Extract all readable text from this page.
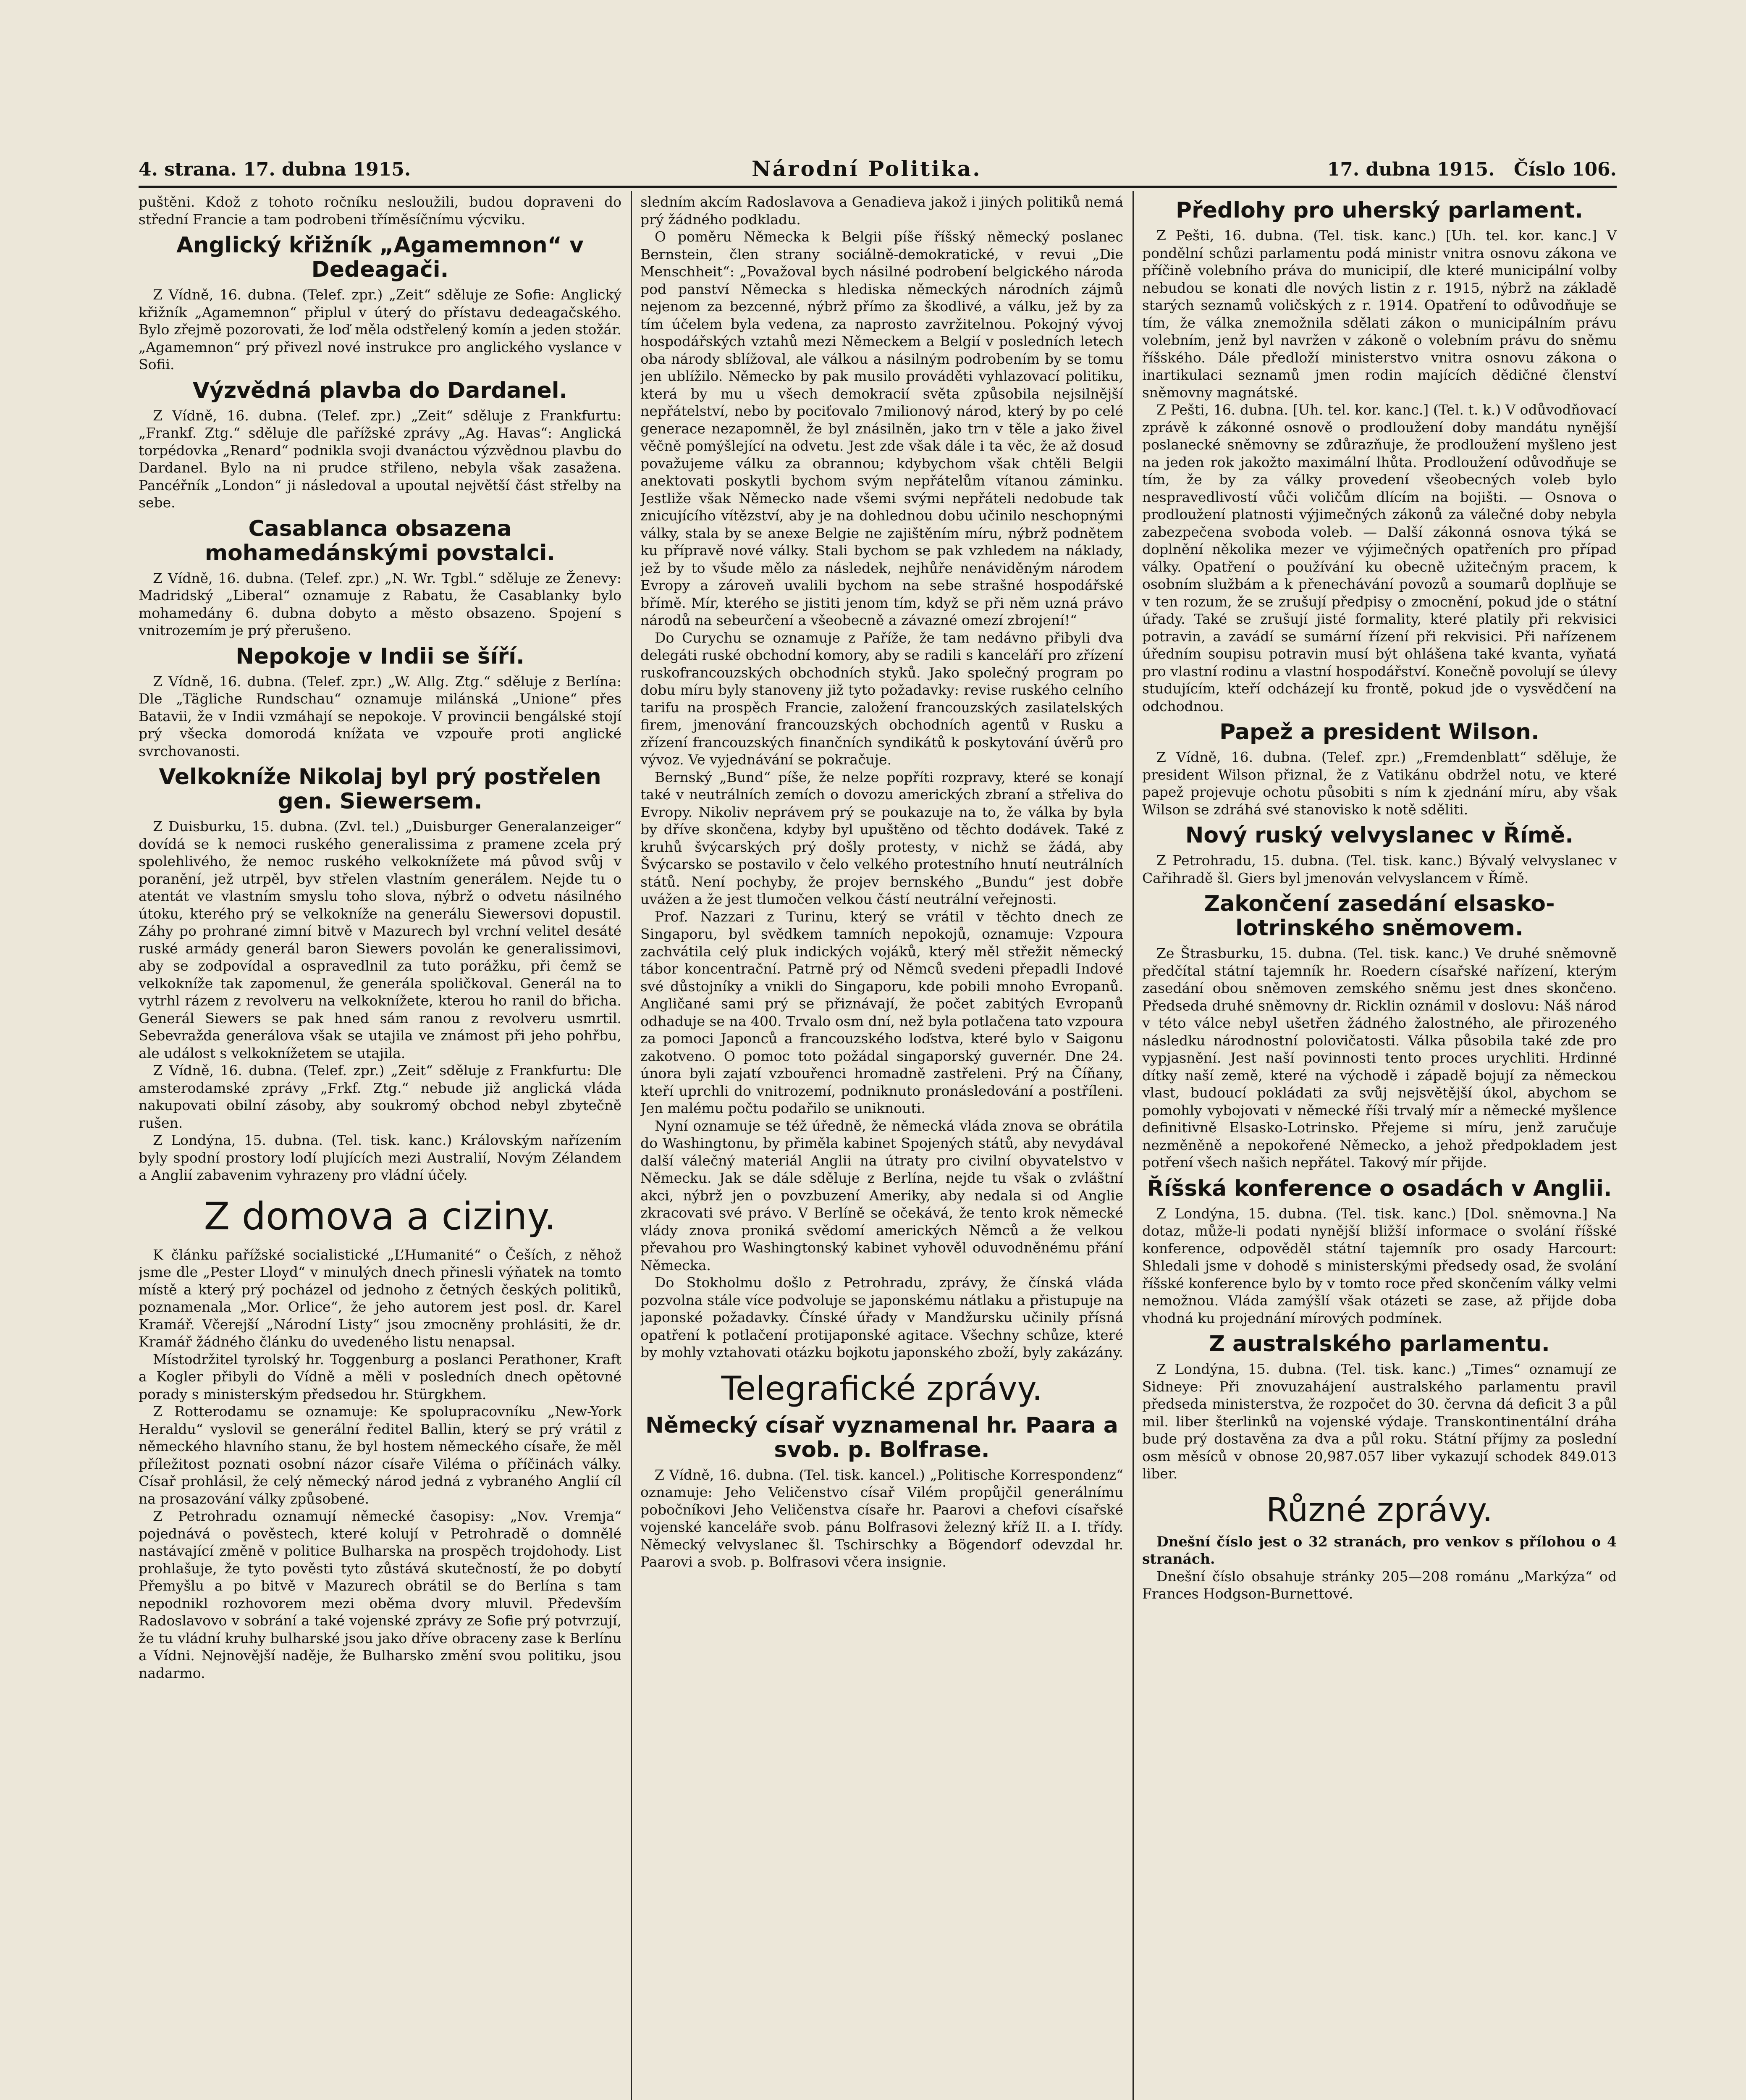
4. strana. 17. dubna 1915.	Národní Politika.	17. dubna 1915. Číslo 106.

puštěni. Kdož z tohoto ročníku nesloužili, budou dopraveni do střední Francie a tam podrobeni tříměsíčnímu výcviku.

Anglický křižník „Agamemnon“ v Dedeagači.

Z Vídně, 16. dubna. (Telef. zpr.) „Zeit“ sděluje ze Sofie: Anglický křižník „Agamemnon“ připlul v úterý do přístavu dedeagačského. Bylo zřejmě pozorovati, že loď měla odstřelený komín a jeden stožár. „Agamemnon“ prý přivezl nové instrukce pro anglického vyslance v Sofii.

Výzvědná plavba do Dardanel.

Z Vídně, 16. dubna. (Telef. zpr.) „Zeit“ sděluje z Frankfurtu: „Frankf. Ztg.“ sděluje dle pařížské zprávy „Ag. Havas“: Anglická torpédovka „Renard“ podnikla svoji dvanáctou výzvědnou plavbu do Dardanel. Bylo na ni prudce střileno, nebyla však zasažena. Pancéřník „London“ ji následoval a upoutal největší část střelby na sebe.

Casablanca obsazena mohamedánskými povstalci.

Z Vídně, 16. dubna. (Telef. zpr.) „N. Wr. Tgbl.“ sděluje ze Ženevy: Madridský „Liberal“ oznamuje z Rabatu, že Casablanky bylo mohamedány 6. dubna dobyto a město obsazeno. Spojení s vnitrozemím je prý přerušeno.

Nepokoje v Indii se šíří.

Z Vídně, 16. dubna. (Telef. zpr.) „W. Allg. Ztg.“ sděluje z Berlína: Dle „Tägliche Rundschau“ oznamuje milánská „Unione“ přes Batavii, že v Indii vzmáhají se nepokoje. V provincii bengálské stojí prý všecka domorodá knížata ve vzpouře proti anglické svrchovanosti.

Velkokníže Nikolaj byl prý postřelen gen. Siewersem.

Z Duisburku, 15. dubna. (Zvl. tel.) „Duisburger Generalanzeiger“ dovídá se k nemoci ruského generalissima z pramene zcela prý spolehlivého, že nemoc ruského velkoknížete má původ svůj v poranění, jež utrpěl, byv střelen vlastním generálem. Nejde tu o atentát ve vlastním smyslu toho slova, nýbrž o odvetu násilného útoku, kterého prý se velkokníže na generálu Siewersovi dopustil. Záhy po prohrané zimní bitvě v Mazurech byl vrchní velitel desáté ruské armády generál baron Siewers povolán ke generalissimovi, aby se zodpovídal a ospravedlnil za tuto porážku, při čemž se velkokníže tak zapomenul, že generála spoličkoval. Generál na to vytrhl rázem z revolveru na velkoknížete, kterou ho ranil do břicha. Generál Siewers se pak hned sám ranou z revolveru usmrtil. Sebevražda generálova však se utajila ve známost při jeho pohřbu, ale událost s velkoknížetem se utajila.

Z Vídně, 16. dubna. (Telef. zpr.) „Zeit“ sděluje z Frankfurtu: Dle amsterodamské zprávy „Frkf. Ztg.“ nebude již anglická vláda nakupovati obilní zásoby, aby soukromý obchod nebyl zbytečně rušen.

Z Londýna, 15. dubna. (Tel. tisk. kanc.) Královským nařízením byly spodní prostory lodí plujících mezi Australií, Novým Zélandem a Anglií zabavenim vyhrazeny pro vládní účely.

Z domova a ciziny.

K článku pařížské socialistické „L’Humanité“ o Češích, z něhož jsme dle „Pester Lloyd“ v minulých dnech přinesli výňatek na tomto místě a který prý pocházel od jednoho z četných českých politiků, poznamenala „Mor. Orlice“, že jeho autorem jest posl. dr. Karel Kramář. Včerejší „Národní Listy“ jsou zmocněny prohlásiti, že dr. Kramář žádného článku do uvedeného listu nenapsal.

Místodržitel tyrolský hr. Toggenburg a poslanci Perathoner, Kraft a Kogler přibyli do Vídně a měli v posledních dnech opětovné porady s ministerským předsedou hr. Stürgkhem.

Z Rotterodamu se oznamuje: Ke spolupracovníku „New-York Heraldu“ vyslovil se generální ředitel Ballin, který se prý vrátil z německého hlavního stanu, že byl hostem německého císaře, že měl příležitost poznati osobní názor císaře Viléma o příčinách války. Císař prohlásil, že celý německý národ jedná z vybraného Anglií cíl na prosazování války způsobené.

Z Petrohradu oznamují německé časopisy: „Nov. Vremja“ pojednává o pověstech, které kolují v Petrohradě o domnělé nastávající změně v politice Bulharska na prospěch trojdohody. List prohlašuje, že tyto pověsti tyto zůstává skutečností, že po dobytí Přemyšlu a po bitvě v Mazurech obrátil se do Berlína s tam nepodnikl rozhovorem mezi oběma dvory mluvil. Především Radoslavovo v sobrání a také vojenské zprávy ze Sofie prý potvrzují, že tu vládní kruhy bulharské jsou jako dříve obraceny zase k Berlínu a Vídni. Nejnovější naděje, že Bulharsko změní svou politiku, jsou nadarmo.

sledním akcím Radoslavova a Genadieva jakož i jiných politiků nemá prý žádného podkladu.

O poměru Německa k Belgii píše říšský německý poslanec Bernstein, člen strany sociálně-demokratické, v revui „Die Menschheit“: „Považoval bych násilné podrobení belgického národa pod panství Německa s hlediska německých národních zájmů nejenom za bezcenné, nýbrž přímo za škodlivé, a válku, jež by za tím účelem byla vedena, za naprosto zavržitelnou. Pokojný vývoj hospodářských vztahů mezi Německem a Belgií v posledních letech oba národy sblížoval, ale válkou a násilným podrobením by se tomu jen ublížilo. Německo by pak musilo prováděti vyhlazovací politiku, která by mu u všech demokracií světa způsobila nejsilnější nepřátelství, nebo by pociťovalo 7milionový národ, který by po celé generace nezapomněl, že byl znásilněn, jako trn v těle a jako živel věčně pomýšlející na odvetu. Jest zde však dále i ta věc, že až dosud považujeme válku za obrannou; kdybychom však chtěli Belgii anektovati poskytli bychom svým nepřátelům vítanou záminku. Jestliže však Německo nade všemi svými nepřáteli nedobude tak znicujícího vítězství, aby je na dohlednou dobu učinilo neschopnými války, stala by se anexe Belgie ne zajištěním míru, nýbrž podnětem ku přípravě nové války. Stali bychom se pak vzhledem na náklady, jež by to všude mělo za následek, nejhůře nenáviděným národem Evropy a zároveň uvalili bychom na sebe strašné hospodářské břímě. Mír, kterého se jistiti jenom tím, když se při něm uzná právo národů na sebeurčení a všeobecně a závazné omezí zbrojení!“

Do Curychu se oznamuje z Paříže, že tam nedávno přibyli dva delegáti ruské obchodní komory, aby se radili s kanceláří pro zřízení ruskofrancouzských obchodních styků. Jako společný program po dobu míru byly stanoveny již tyto požadavky: revise ruského celního tarifu na prospěch Francie, založení francouzských zasilatelských firem, jmenování francouzských obchodních agentů v Rusku a zřízení francouzských finančních syndikátů k poskytování úvěrů pro vývoz. Ve vyjednávání se pokračuje.

Bernský „Bund“ píše, že nelze popříti rozpravy, které se konají také v neutrálních zemích o dovozu amerických zbraní a střeliva do Evropy. Nikoliv neprávem prý se poukazuje na to, že válka by byla by dříve skončena, kdyby byl upuštěno od těchto dodávek. Také z kruhů švýcarských prý došly protesty, v nichž se žádá, aby Švýcarsko se postavilo v čelo velkého protestního hnutí neutrálních států. Není pochyby, že projev bernského „Bundu“ jest dobře uvážen a že jest tlumočen velkou částí neutrální veřejnosti.

Prof. Nazzari z Turinu, který se vrátil v těchto dnech ze Singaporu, byl svědkem tamních nepokojů, oznamuje: Vzpoura zachvátila celý pluk indických vojáků, který měl střežit německý tábor koncentrační. Patrně prý od Němců svedeni přepadli Indové své důstojníky a vnikli do Singaporu, kde pobili mnoho Evropanů. Angličané sami prý se přiznávají, že počet zabitých Evropanů odhaduje se na 400. Trvalo osm dní, než byla potlačena tato vzpoura za pomoci Japonců a francouzského loďstva, které bylo v Saigonu zakotveno. O pomoc toto požádal singaporský guvernér. Dne 24. února byli zajatí vzbouřenci hromadně zastřeleni. Prý na Číňany, kteří uprchli do vnitrozemí, podniknuto pronásledování a postříleni. Jen malému počtu podařilo se uniknouti.

Nyní oznamuje se též úředně, že německá vláda znova se obrátila do Washingtonu, by přiměla kabinet Spojených států, aby nevydával další válečný materiál Anglii na útraty pro civilní obyvatelstvo v Německu. Jak se dále sděluje z Berlína, nejde tu však o zvláštní akci, nýbrž jen o povzbuzení Ameriky, aby nedala si od Anglie zkracovati své právo. V Berlíně se očekává, že tento krok německé vlády znova proniká svědomí amerických Němců a že velkou převahou pro Washingtonský kabinet vyhověl oduvodněnému přání Německa.

Do Stokholmu došlo z Petrohradu, zprávy, že čínská vláda pozvolna stále více podvoluje se japonskému nátlaku a přistupuje na japonské požadavky. Čínské úřady v Mandžursku učinily přísná opatření k potlačení protijaponské agitace. Všechny schůze, které by mohly vztahovati otázku bojkotu japonského zboží, byly zakázány.

Telegrafické zprávy.
Německý císař vyznamenal hr. Paara a svob. p. Bolfrase.

Z Vídně, 16. dubna. (Tel. tisk. kancel.) „Politische Korrespondenz“ oznamuje: Jeho Veličenstvo císař Vilém propůjčil generálnímu pobočníkovi Jeho Veličenstva císaře hr. Paarovi a chefovi císařské vojenské kanceláře svob. pánu Bolfrasovi železný kříž II. a I. třídy. Německý velvyslanec šl. Tschirschky a Bögendorf odevzdal hr. Paarovi a svob. p. Bolfrasovi včera insignie.

Předlohy pro uherský parlament.

Z Pešti, 16. dubna. (Tel. tisk. kanc.) [Uh. tel. kor. kanc.] V pondělní schůzi parlamentu podá ministr vnitra osnovu zákona ve příčině volebního práva do municipií, dle které municipální volby nebudou se konati dle nových listin z r. 1915, nýbrž na základě starých seznamů voličských z r. 1914. Opatření to odůvodňuje se tím, že válka znemožnila sdělati zákon o municipálním právu volebním, jenž byl navržen v zákoně o volebním právu do sněmu říšského. Dále předloží ministerstvo vnitra osnovu zákona o inartikulaci seznamů jmen rodin majících dědičné členství sněmovny magnátské.

Z Pešti, 16. dubna. [Uh. tel. kor. kanc.] (Tel. t. k.) V odůvodňovací zprávě k zákonné osnově o prodloužení doby mandátu nynější poslanecké sněmovny se zdůrazňuje, že prodloužení myšleno jest na jeden rok jakožto maximální lhůta. Prodloužení odůvodňuje se tím, že by za války provedení všeobecných voleb bylo nespravedlivostí vůči voličům dlícím na bojišti. — Osnova o prodloužení platnosti výjimečných zákonů za válečné doby nebyla zabezpečena svoboda voleb. — Další zákonná osnova týká se doplnění několika mezer ve výjimečných opatřeních pro případ války. Opatření o používání ku obecně užitečným pracem, k osobním službám a k přenechávání povozů a soumarů doplňuje se v ten rozum, že se zrušují předpisy o zmocnění, pokud jde o státní úřady. Také se zrušují jisté formality, které platily při rekvisici potravin, a zavádí se sumární řízení při rekvisici. Při nařízenem úředním soupisu potravin musí být ohlášena také kvanta, vyňatá pro vlastní rodinu a vlastní hospodářství. Konečně povolují se úlevy studujícím, kteří odcházejí ku frontě, pokud jde o vysvědčení na odchodnou.

Papež a president Wilson.

Z Vídně, 16. dubna. (Telef. zpr.) „Fremdenblatt“ sděluje, že president Wilson přiznal, že z Vatikánu obdržel notu, ve které papež projevuje ochotu působiti s ním k zjednání míru, aby však Wilson se zdráhá své stanovisko k notě sděliti.

Nový ruský velvyslanec v Římě.

Z Petrohradu, 15. dubna. (Tel. tisk. kanc.) Bývalý velvyslanec v Cařihradě šl. Giers byl jmenován velvyslancem v Římě.

Zakončení zasedání elsasko-lotrinského sněmovem.

Ze Štrasburku, 15. dubna. (Tel. tisk. kanc.) Ve druhé sněmovně předčítal státní tajemník hr. Roedern císařské nařízení, kterým zasedání obou sněmoven zemského sněmu jest dnes skončeno. Předseda druhé sněmovny dr. Ricklin oznámil v doslovu: Náš národ v této válce nebyl ušetřen žádného žalostného, ale přirozeného následku národnostní polovičatosti. Válka působila také zde pro vypjasnění. Jest naší povinnosti tento proces urychliti. Hrdinné dítky naší země, které na východě i západě bojují za německou vlast, budoucí pokládati za svůj nejsvětější úkol, abychom se pomohly vybojovati v německé říši trvalý mír a německé myšlence definitivně Elsasko-Lotrinsko. Přejeme si míru, jenž zaručuje nezměněně a nepokořené Německo, a jehož předpokladem jest potření všech našich nepřátel. Takový mír přijde.

Říšská konference o osadách v Anglii.

Z Londýna, 15. dubna. (Tel. tisk. kanc.) [Dol. sněmovna.] Na dotaz, může-li podati nynější bližší informace o svolání říšské konference, odpověděl státní tajemník pro osady Harcourt: Shledali jsme v dohodě s ministerskými předsedy osad, že svolání říšské konference bylo by v tomto roce před skončením války velmi nemožnou. Vláda zamýšlí však otázeti se zase, až přijde doba vhodná ku projednání mírových podmínek.

Z australského parlamentu.

Z Londýna, 15. dubna. (Tel. tisk. kanc.) „Times“ oznamují ze Sidneye: Při znovuzahájení australského parlamentu pravil předseda ministerstva, že rozpočet do 30. června dá deficit 3 a půl mil. liber šterlinků na vojenské výdaje. Transkontinentální dráha bude prý dostavěna za dva a půl roku. Státní příjmy za poslední osm měsíců v obnose 20,987.057 liber vykazují schodek 849.013 liber.

Různé zprávy.

Dnešní číslo jest o 32 stranách, pro venkov s přílohou o 4 stranách.

Dnešní číslo obsahuje stránky 205—208 románu „Markýza“ od Frances Hodgson-Burnettové.
